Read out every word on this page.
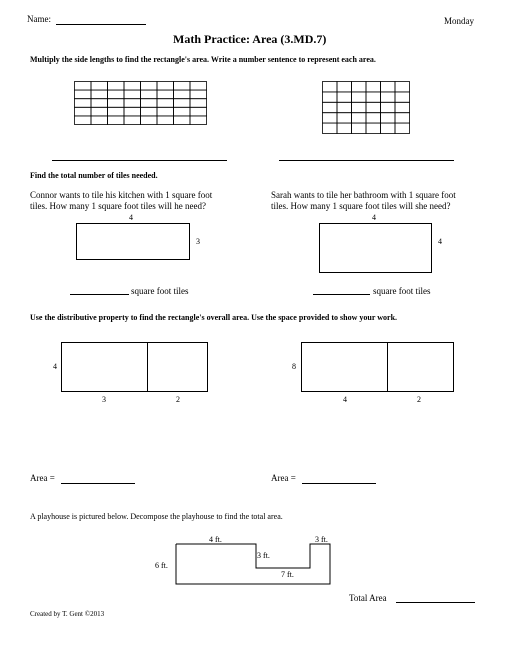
Name:	Monday
Math Practice: Area (3.MD.7)
Multiply the side lengths to find the rectangle's area. Write a number sentence to represent each area.
Find the total number of tiles needed.
Connor wants to tile his kitchen with 1 square foot
tiles. How many 1 square foot tiles will he need?
4
3
square foot tiles
Sarah wants to tile her bathroom with 1 square foot
tiles. How many 1 square foot tiles will she need?
4
4
square foot tiles
Use the distributive property to find the rectangle's overall area. Use the space provided to show your work.
4
3	2
8
4	2
Area =	Area =
A playhouse is pictured below. Decompose the playhouse to find the total area.
4 ft.	3 ft.
3 ft.
7 ft.
6 ft.
Total Area
Created by T. Gent ©2013
